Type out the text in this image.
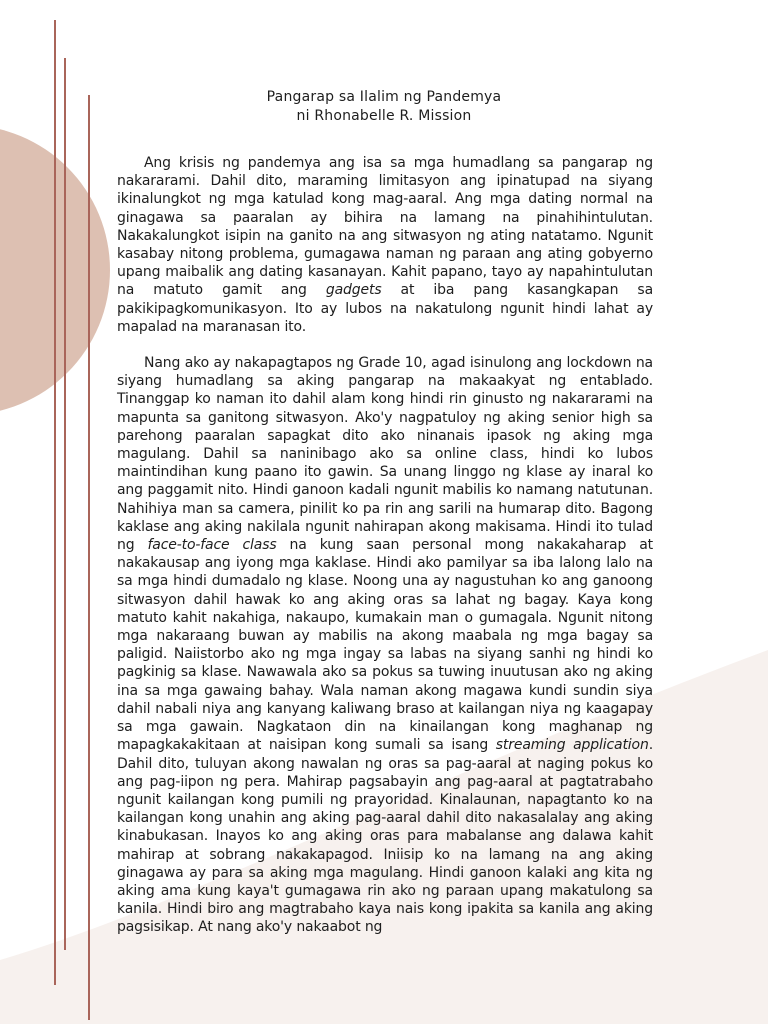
Pangarap sa Ilalim ng Pandemya
ni Rhonabelle R. Mission

Ang krisis ng pandemya ang isa sa mga humadlang sa pangarap ng nakararami. Dahil dito, maraming limitasyon ang ipinatupad na siyang ikinalungkot ng mga katulad kong mag-aaral. Ang mga dating normal na ginagawa sa paaralan ay bihira na lamang na pinahihintulutan. Nakakalungkot isipin na ganito na ang sitwasyon ng ating natatamo. Ngunit kasabay nitong problema, gumagawa naman ng paraan ang ating gobyerno upang maibalik ang dating kasanayan. Kahit papano, tayo ay napahintulutan na matuto gamit ang gadgets at iba pang kasangkapan sa pakikipagkomunikasyon. Ito ay lubos na nakatulong ngunit hindi lahat ay mapalad na maranasan ito.

Nang ako ay nakapagtapos ng Grade 10, agad isinulong ang lockdown na siyang humadlang sa aking pangarap na makaakyat ng entablado. Tinanggap ko naman ito dahil alam kong hindi rin ginusto ng nakararami na mapunta sa ganitong sitwasyon. Ako'y nagpatuloy ng aking senior high sa parehong paaralan sapagkat dito ako ninanais ipasok ng aking mga magulang. Dahil sa naninibago ako sa online class, hindi ko lubos maintindihan kung paano ito gawin. Sa unang linggo ng klase ay inaral ko ang paggamit nito. Hindi ganoon kadali ngunit mabilis ko namang natutunan. Nahihiya man sa camera, pinilit ko pa rin ang sarili na humarap dito. Bagong kaklase ang aking nakilala ngunit nahirapan akong makisama. Hindi ito tulad ng face-to-face class na kung saan personal mong nakakaharap at nakakausap ang iyong mga kaklase. Hindi ako pamilyar sa iba lalong lalo na sa mga hindi dumadalo ng klase. Noong una ay nagustuhan ko ang ganoong sitwasyon dahil hawak ko ang aking oras sa lahat ng bagay. Kaya kong matuto kahit nakahiga, nakaupo, kumakain man o gumagala. Ngunit nitong mga nakaraang buwan ay mabilis na akong maabala ng mga bagay sa paligid. Naiistorbo ako ng mga ingay sa labas na siyang sanhi ng hindi ko pagkinig sa klase. Nawawala ako sa pokus sa tuwing inuutusan ako ng aking ina sa mga gawaing bahay. Wala naman akong magawa kundi sundin siya dahil nabali niya ang kanyang kaliwang braso at kailangan niya ng kaagapay sa mga gawain. Nagkataon din na kinailangan kong maghanap ng mapagkakakitaan at naisipan kong sumali sa isang streaming application. Dahil dito, tuluyan akong nawalan ng oras sa pag-aaral at naging pokus ko ang pag-iipon ng pera. Mahirap pagsabayin ang pag-aaral at pagtatrabaho ngunit kailangan kong pumili ng prayoridad. Kinalaunan, napagtanto ko na kailangan kong unahin ang aking pag-aaral dahil dito nakasalalay ang aking kinabukasan. Inayos ko ang aking oras para mabalanse ang dalawa kahit mahirap at sobrang nakakapagod. Iniisip ko na lamang na ang aking ginagawa ay para sa aking mga magulang. Hindi ganoon kalaki ang kita ng aking ama kung kaya't gumagawa rin ako ng paraan upang makatulong sa kanila. Hindi biro ang magtrabaho kaya nais kong ipakita sa kanila ang aking pagsisikap. At nang ako'y nakaabot ng
